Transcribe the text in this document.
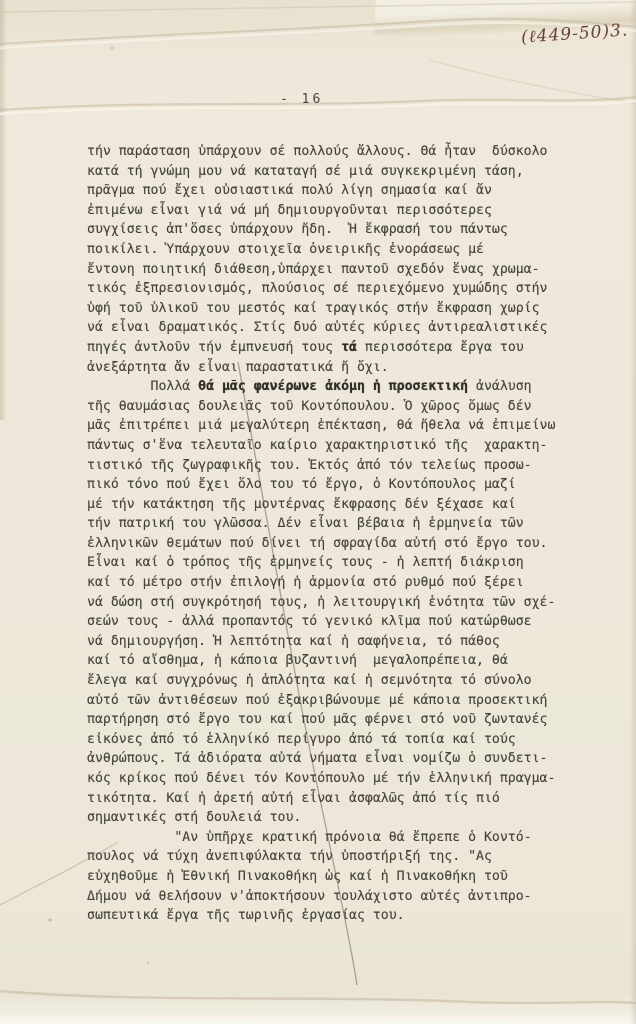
(ℓ449-50)3.
- 16
τήν παράσταση ὑπάρχουν σέ πολλούς ἄλλους. Θά ἦταν  δύσκολο
κατά τή γνώμη μου νά καταταγή σέ μιά συγκεκριμένη τάση,
πρᾶγμα πού ἔχει οὐσιαστικά πολύ λίγη σημασία καί ἄν
ἐπιμένω εἶναι γιά νά μή δημιουργοῦνται περισσότερες
συγχίσεις ἀπ'ὅσες ὑπάρχουν ἤδη.  Ἡ ἔκφρασή του πάντως
ποικίλει. Ὑπάρχουν στοιχεῖα ὀνειρικῆς ἐνοράσεως μέ
ἔντονη ποιητική διάθεση,ὑπάρχει παντοῦ σχεδόν ἕνας χρωμα-
τικός ἐξπρεσιονισμός, πλούσιος σέ περιεχόμενο χυμώδης στήν
ὑφή τοῦ ὑλικοῦ του μεστός καί τραγικός στήν ἔκφραση χωρίς
νά εἶναι δραματικός. Στίς δυό αὐτές κύριες ἀντιρεαλιστικές
πηγές ἀντλοῦν τήν ἐμπνευσή τους τά περισσότερα ἔργα του
ἀνεξάρτητα ἄν εἶναι παραστατικά ἤ ὄχι.
Πολλά θά μᾶς φανέρωνε ἀκόμη ἡ προσεκτική ἀνάλυση
τῆς θαυμάσιας δουλειᾶς τοῦ Κοντόπουλου. Ὁ χῶρος ὅμως δέν
μᾶς ἐπιτρέπει μιά μεγαλύτερη ἐπέκταση, θά ἤθελα νά ἐπιμείνω
πάντως σ'ἕνα τελευταῖο καίριο χαρακτηριστικό τῆς  χαρακτη-
τιστικό τῆς ζωγραφικῆς του. Ἐκτός ἀπό τόν τελείως προσω-
πικό τόνο πού ἔχει ὅλο του τό ἔργο, ὁ Κοντόπουλος μαζί
μέ τήν κατάκτηση τῆς μοντέρνας ἔκφρασης δέν ξέχασε καί
τήν πατρική του γλῶσσα. Δέν εἶναι βέβαια ἡ ἑρμηνεία τῶν
ἑλληνικῶν θεμάτων πού δίνει τή σφραγίδα αὐτή στό ἔργο του.
Εἶναι καί ὁ τρόπος τῆς ἑρμηνείς τους - ἡ λεπτή διάκριση
καί τό μέτρο στήν ἐπιλογή ἡ ἁρμονία στό ρυθμό πού ξέρει
νά δώση στή συγκρότησή τους, ἡ λειτουργική ἑνότητα τῶν σχέ-
σεών τους - ἀλλά προπαντός τό γενικό κλῖμα πού κατώρθωσε
νά δημιουργήση. Ἡ λεπτότητα καί ἡ σαφήνεια, τό πάθος
καί τό αἴσθημα, ἡ κάποια βυζαντινή  μεγαλοπρέπεια, θά
ἔλεγα καί συγχρόνως ἡ ἁπλότητα καί ἡ σεμνότητα τό σύνολο
αὐτό τῶν ἀντιθέσεων πού ἐξακριβώνουμε μέ κάποια προσεκτική
παρτήρηση στό ἔργο του καί πού μᾶς φέρνει στό νοῦ ζωντανές
εἰκόνες ἀπό τό ἑλληνίκό περίγυρο ἀπό τά τοπία καί τούς
ἀνθρώπους. Τά ἀδιόρατα αὐτά νήματα εἶναι νομίζω ὁ συνδετι-
κός κρίκος πού δένει τόν Κοντόπουλο μέ τήν ἑλληνική πραγμα-
τικότητα. Καί ἡ ἀρετή αὐτή εἶναι ἀσφαλῶς ἀπό τίς πιό
σημαντικές στή δουλειά του.
"Αν ὑπῆρχε κρατική πρόνοια θά ἔπρεπε ὁ Κοντό-
πουλος νά τύχη ἀνεπιφύλακτα τήν ὑποστήριξή της. "Ας
εὐχηθοῦμε ἡ Ἐθνική Πινακοθήκη ὡς καί ἡ Πινακοθήκη τοῦ
Δήμου νά θελήσουν ν'ἀποκτήσουν τουλάχιστο αὐτές ἀντιπρο-
σωπευτικά ἔργα τῆς τωρινῆς ἐργασίας του.
